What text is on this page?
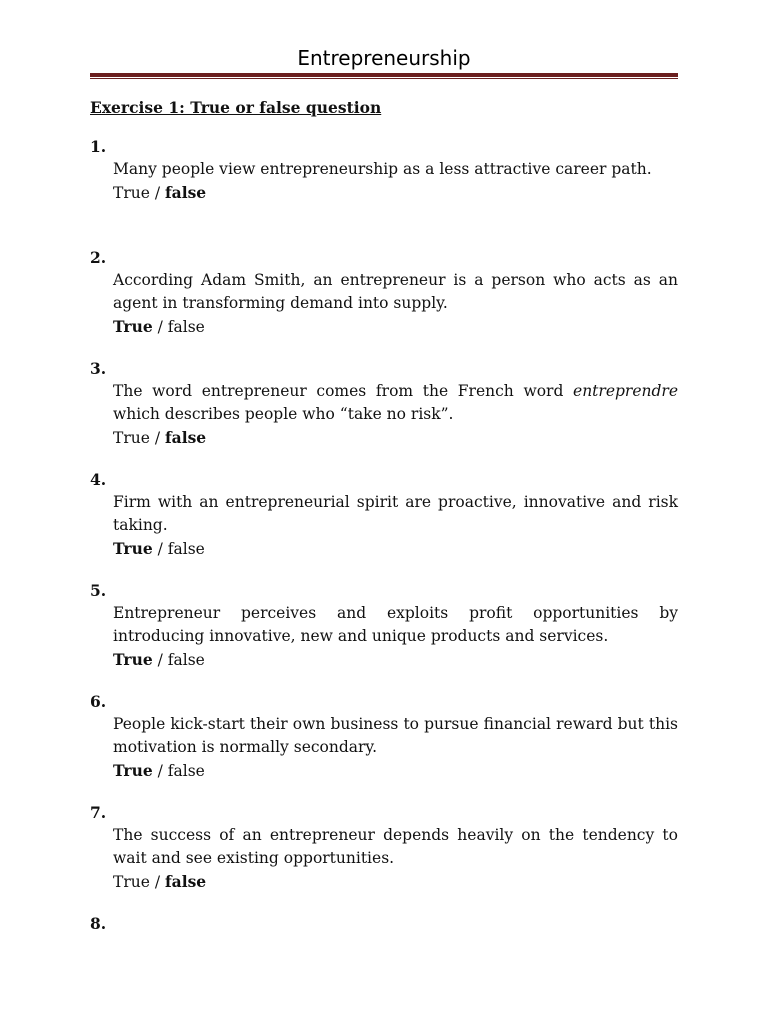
Entrepreneurship

Exercise 1: True or false question

1.

Many people view entrepreneurship as a less attractive career path.

True / false

2.

According Adam Smith, an entrepreneur is a person who acts as an agent in transforming demand into supply.

True / false

3.

The word entrepreneur comes from the French word entreprendre which describes people who “take no risk”.

True / false

4.

Firm with an entrepreneurial spirit are proactive, innovative and risk taking.

True / false

5.

Entrepreneur perceives and exploits profit opportunities by introducing innovative, new and unique products and services.

True / false

6.

People kick-start their own business to pursue financial reward but this motivation is normally secondary.

True / false

7.

The success of an entrepreneur depends heavily on the tendency to wait and see existing opportunities.

True / false

8.
